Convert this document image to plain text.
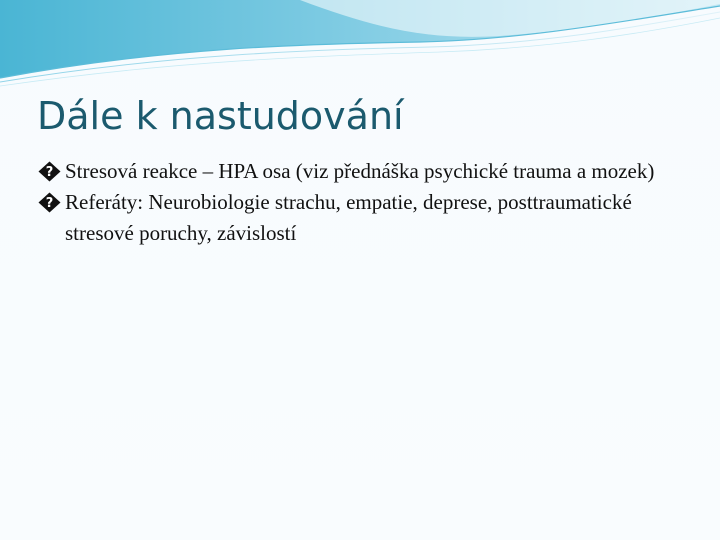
Dále k nastudování
? Stresová reakce – HPA osa (viz přednáška psychické trauma a mozek)
? Referáty: Neurobiologie strachu, empatie, deprese, posttraumatické stresové poruchy, závislostí
